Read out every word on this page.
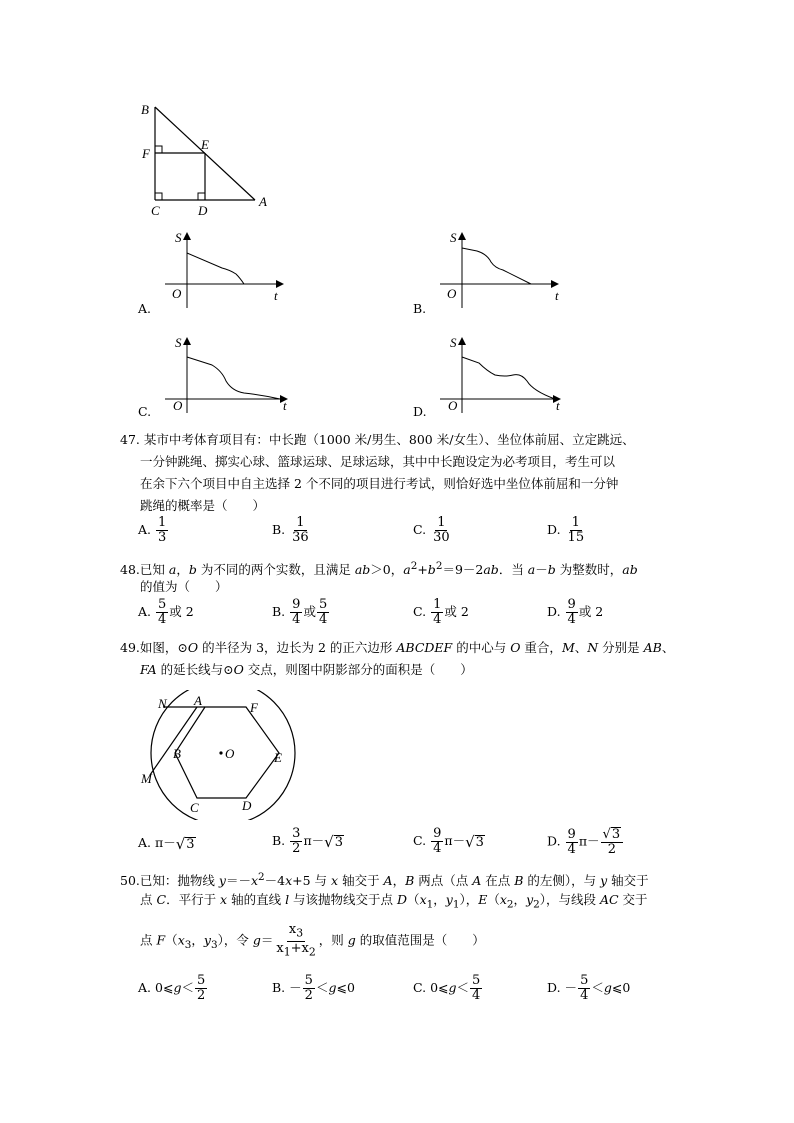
B
F
E
C	D
A
S
O	t
A.
S
O	t
B.
S
O	t
C.
S
O	t
D.
47. 某市中考体育项目有：中长跑（1000 米/男生、800 米/女生）、坐位体前屈、立定跳远、
一分钟跳绳、掷实心球、篮球运球、足球运球，其中中长跑设定为必考项目，考生可以
在余下六个项目中自主选择 2 个不同的项目进行考试，则恰好选中坐位体前屈和一分钟
跳绳的概率是（　　）
A. $\frac{1}{3}$	B. $\frac{1}{36}$	C. $\frac{1}{30}$	D. $\frac{1}{15}$
48.已知 a，b 为不同的两个实数，且满足 ab＞0，$a^2+b^2=9-2ab$．当 a－b 为整数时，ab
的值为（　　）
A. $\frac{5}{4}$ 或 2	B. $\frac{9}{4}$ 或 $\frac{5}{4}$	C. $\frac{1}{4}$ 或 2	D. $\frac{9}{4}$ 或 2
49.如图，⊙O 的半径为 3，边长为 2 的正六边形 ABCDEF 的中心与 O 重合，M、N 分别是 AB、
FA 的延长线与⊙O 交点，则图中阴影部分的面积是（　　）
N A	F
B	O	E
M
C	D
A. π－ √ 3	B. $\frac{3}{2} \pi-$ √ 3	C. $\frac{9}{4} \pi-$ √ 3	D. $\frac{9}{4} \pi- \frac{√ 3}{2}$
50.已知：抛物线 $y=-x^2-4x+5$ 与 x 轴交于 A，B 两点（点 A 在点 B 的左侧），与 y 轴交于
点 C．平行于 x 轴的直线 l 与该抛物线交于点 $D(x_1$，$y_1$），$E(x_2$，$y_2$），与线段 AC 交于
点 $F(x_3$，$y_3$），令 $g= \frac{x_3}{x_1+x_2}$ ，则 g 的取值范围是（　　）
A. 0⩽g＜ $\frac{5}{2}$	B. － $\frac{5}{2}$ ＜g⩽0	C. 0⩽g＜ $\frac{5}{4}$	D. － $\frac{5}{4}$ ＜g⩽0
